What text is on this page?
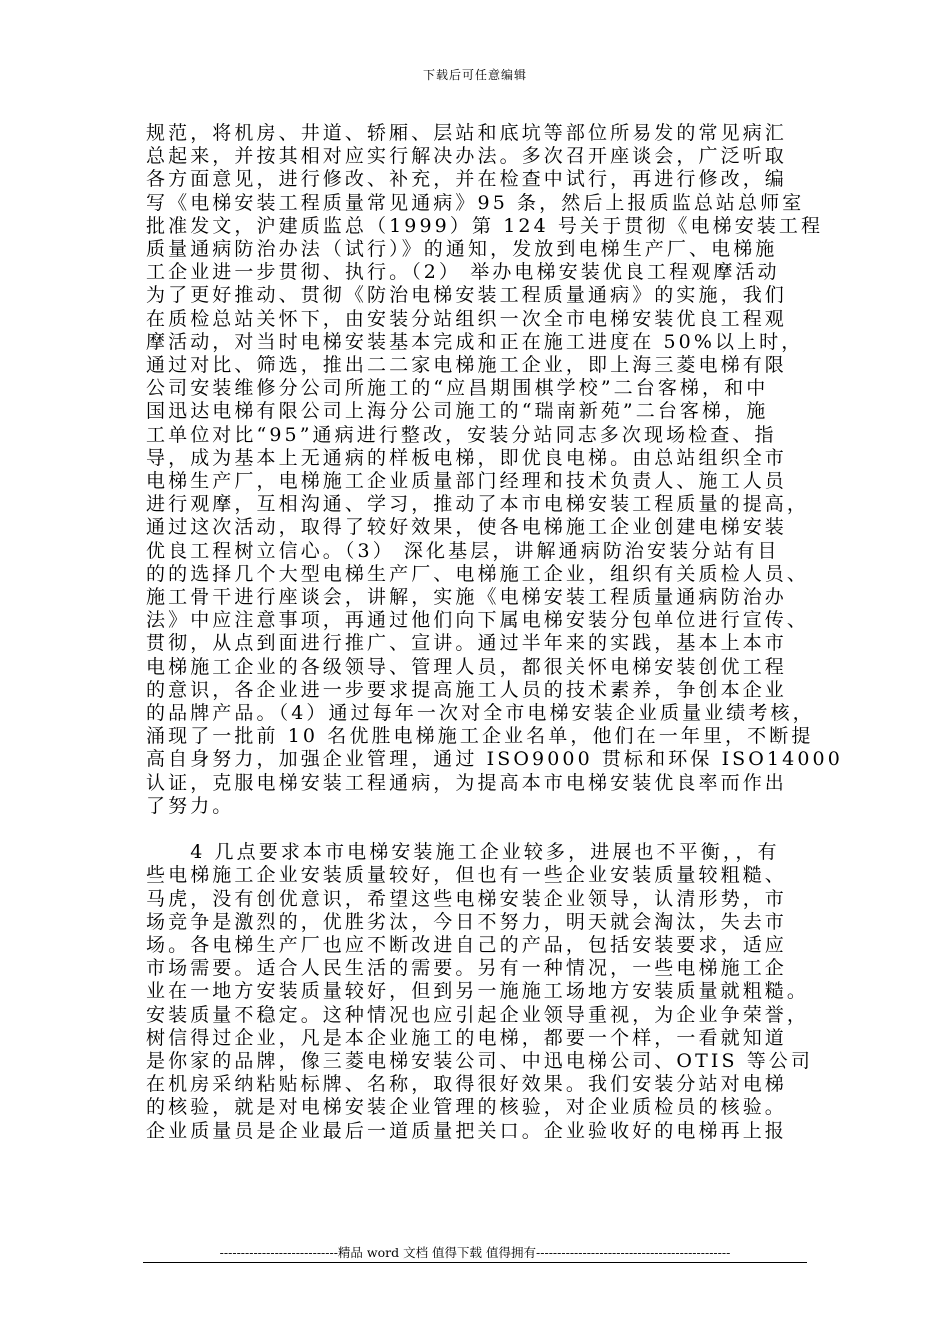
下载后可任意编辑
规范，将机房、井道、轿厢、层站和底坑等部位所易发的常见病汇
总起来，并按其相对应实行解决办法。多次召开座谈会，广泛听取
各方面意见，进行修改、补充，并在检查中试行，再进行修改，编
写《电梯安装工程质量常见通病》95 条，然后上报质监总站总师室
批准发文，沪建质监总（1999）第 124 号关于贯彻《电梯安装工程
质量通病防治办法（试行）》的通知，发放到电梯生产厂、电梯施
工企业进一步贯彻、执行。（2） 举办电梯安装优良工程观摩活动
为了更好推动、贯彻《防治电梯安装工程质量通病》的实施，我们
在质检总站关怀下，由安装分站组织一次全市电梯安装优良工程观
摩活动，对当时电梯安装基本完成和正在施工进度在 50%以上时，
通过对比、筛选，推出二二家电梯施工企业，即上海三菱电梯有限
公司安装维修分公司所施工的“应昌期围棋学校”二台客梯，和中
国迅达电梯有限公司上海分公司施工的“瑞南新苑”二台客梯，施
工单位对比“95”通病进行整改，安装分站同志多次现场检查、指
导，成为基本上无通病的样板电梯，即优良电梯。由总站组织全市
电梯生产厂，电梯施工企业质量部门经理和技术负责人、施工人员
进行观摩，互相沟通、学习，推动了本市电梯安装工程质量的提高，
通过这次活动，取得了较好效果，使各电梯施工企业创建电梯安装
优良工程树立信心。（3） 深化基层，讲解通病防治安装分站有目
的的选择几个大型电梯生产厂、电梯施工企业，组织有关质检人员、
施工骨干进行座谈会，讲解，实施《电梯安装工程质量通病防治办
法》中应注意事项，再通过他们向下属电梯安装分包单位进行宣传、
贯彻，从点到面进行推广、宣讲。通过半年来的实践，基本上本市
电梯施工企业的各级领导、管理人员，都很关怀电梯安装创优工程
的意识，各企业进一步要求提高施工人员的技术素养，争创本企业
的品牌产品。（4）通过每年一次对全市电梯安装企业质量业绩考核，
涌现了一批前 10 名优胜电梯施工企业名单，他们在一年里，不断提
高自身努力，加强企业管理，通过 ISO9000 贯标和环保 ISO14000
认证，克服电梯安装工程通病，为提高本市电梯安装优良率而作出
了努力。
　　4 几点要求本市电梯安装施工企业较多，进展也不平衡，，有
些电梯施工企业安装质量较好，但也有一些企业安装质量较粗糙、
马虎，没有创优意识，希望这些电梯安装企业领导，认清形势，市
场竞争是激烈的，优胜劣汰，今日不努力，明天就会淘汰，失去市
场。各电梯生产厂也应不断改进自己的产品，包括安装要求，适应
市场需要。适合人民生活的需要。另有一种情况，一些电梯施工企
业在一地方安装质量较好，但到另一施施工场地方安装质量就粗糙。
安装质量不稳定。这种情况也应引起企业领导重视，为企业争荣誉，
树信得过企业，凡是本企业施工的电梯，都要一个样，一看就知道
是你家的品牌，像三菱电梯安装公司、中迅电梯公司、OTIS 等公司
在机房采纳粘贴标牌、名称，取得很好效果。我们安装分站对电梯
的核验，就是对电梯安装企业管理的核验，对企业质检员的核验。
企业质量员是企业最后一道质量把关口。企业验收好的电梯再上报
----------------------------精品 word 文档 值得下载 值得拥有----------------------------------------------
